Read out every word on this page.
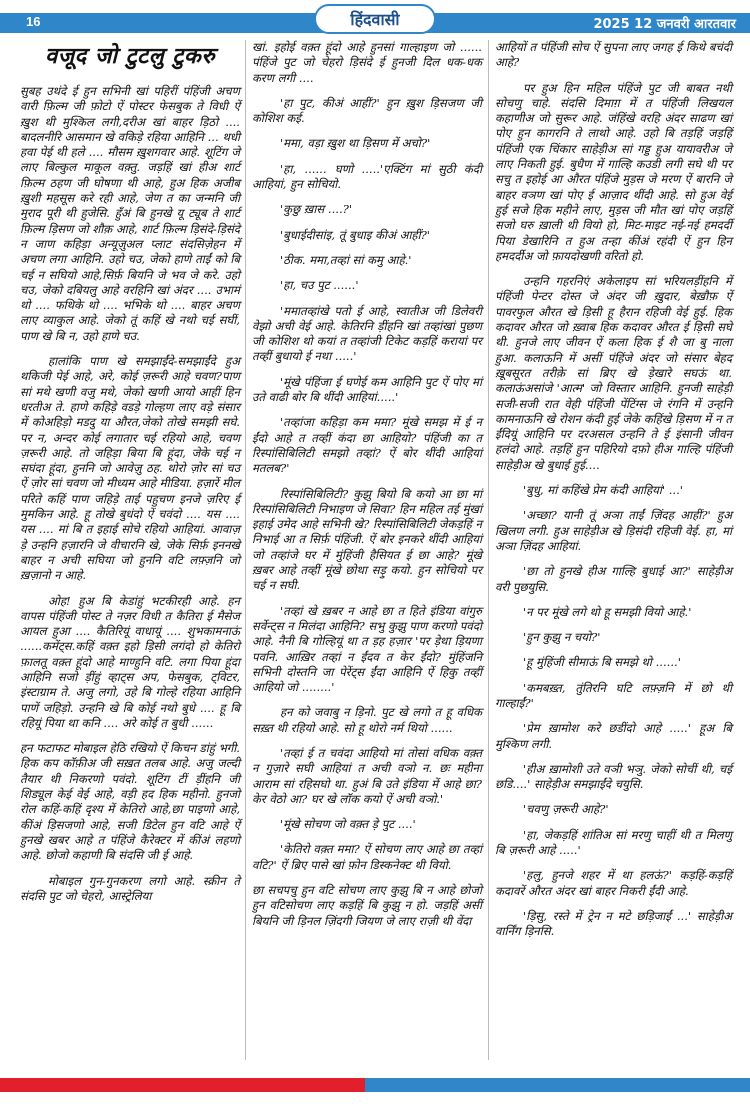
16	हिंदवासी	2025 12 जनवरी आरतवार
वजूद जो टुटलु टुकरु

सुबह उथंदे ई हुन सभिनी खां पहिरीं पंहिंजी अचण वारी फ़िल्म जी फ़ोटो ऐं पोस्टर फेसबुक ते विधी ऐं ख़ुश थी मुश्किल लगी,दरीअ खां बाहर ड़िठो .... बादलनीरि आसमान खे वकिड़े रहिया आहिनि ... थधी हवा पेई थी हले .... मौसम ख़ुशगवार आहे. शूटिंग जे लाए बिल्कुल माकूल वक़्तु. जड़हिं खां हीअ शार्ट फ़िल्म ठहण जी घोषणा थी आहे, हुअ हिक अजीब ख़ुशी महसूस करे रही आहे, जेण त का जन्मनि जी मुराद पूरी थी हुजेसि. हुँअं बि हुनखे यू ट्यूब ते शार्ट फ़िल्म ड़िसण जो शौक़ आहे, शार्ट फ़िल्म ड़िसंदे-ड़िसंदे न जाण कहिड़ा अन्यूज़ुअल प्लाट संदसिज़ेहन में अचण लगा आहिनि. उहो चउ, जेको हाणे ताईं को बि चई न सघियो आहे,सिर्फ़ बियनि जे भव जे करे. उहो चउ, जेको दबियलु आहे वरहिनि खां अंदर .... उभामं थो .... फथिके थो .... भभिके थो .... बाहर अचण लाए व्याकुल आहे. जेको तूं कहिं खे नथो चई सघीं, पाण खे बि न, उहो हाणे चउ.

हालांकि पाण खे समझाईंदे-समझाईंदे हुअ थकिजी पेई आहे, अरे, कोई ज़रूरी आहे चवण?पाण सां मथे खणी वजु मथे, जेको खणी आयो आहीं हिन धरतीअ ते. हाणे कहिड़े वडड़े गोल्हण लाए वड़े संसार में कोअहिड़ो मडदु या औरत,जेको तोखे समझी सघे. पर न, अन्दर कोई लगातार चई रहियो आहे, चवण ज़रूरी आहे. तो जहिड़ा बिया बि हूंदा, जेके चई न सघंदा हूंदा, हुननि जो आवेज़ु ठह. थोरो ज़ोर सां चउ ऐं ज़ोर सां चवण जो मीध्यम आहे मीडिया. हज़ारें मील परिते कहिं पाण जहिड़े ताई पहुचण इनजे ज़रिए ई मुमकिन आहे. हू तोखे बुधंदो ऐं चवंदो .... यस .... यस .... मां बि त इहाई सोचे रहियो आहियां. आवाज़ ड़े उन्हनि हज़ारनि जे वीचारनि खे, जेके सिर्फ़ इननखे बाहर न अची सघिया जो हुननि वटि लफ़्ज़नि जो ख़ज़ानो न आहे.

ओह! हुअ बि केडांहुं भटकीरही आहे. हन वापस पंहिंजी पोस्ट ते नज़र विधी त कैतिरा ई मैसेज आयल हुआ .... कैतिरियूं वाधायूं .... शुभकामनाऊं ......कमेंट्स.कहिं वक़्त इहो ड़िसी लगंदो हो केतिरो फ़ालतू वक़्त हूंदो आहे माण्हुनि वटि. लगा पिया हूंदा आहिनि सजो ड़ींहुं व्हाट्स अप, फेसबुक, ट्विटर, इंस्टाग्राम ते. अजु लगो, उहे बि गोल्हे रहिया आहिनि पाणें जहिड़ो. उन्हनि खे बि कोई नथो बुधे .... हू बि रहियूं पिया था कनि .... अरे कोई त बुधी ......

हन फटाफट मोबाइल हेठि रखियो ऐं किचन डांहुं भगी. हिक कप कॉफ़ीअ जी सख़त तलब आहे. अजु जल्दी तैयार थी निकरणो पवंदो. शूटिंग टीं ड़ींहनि जी शिड्यूल केई वेई आहे, वड़ी हद हिक महीनो. हुनजो रोल कहिं-कहिं दृश्य में केतिरो आहे,छा पाइणो आहे, कींअं ड़िसजणो आहे, सजी डिटेल हुन वटि आहे ऐं हुनखे खबर आहे त पंहिंजे कैरेक्टर में कींअं लहणो आहे. छोजो कहाणी बि संदसि जी ई आहे.

मोबाइल गुन-गुनकरण लगो आहे. स्क्रीन ते संदसि पुट जो चेहरो, आस्ट्रेलिया

खां. इहोई वक़्त हूंदो आहे हुनसां गाल्हाइण जो ...... पंहिंजे पुट जो चेहरो ड़िसंदे ई हुनजी दिल धक-धक करण लगी ....

'हा पुट, कीअं आहीं?' हुन ख़ुश ड़िसजण जी कोशिश कई.

'ममा, वड़ा ख़ुश था ड़िसण में अचो?'

'हा, ...... घणो .....'एक्टिंग मां सुठी कंदी आहियां, हुन सोचियो.

'कुछु ख़ास ....?'

'बुधाईदीसांइ, तूं बुधाइ कीअं आहीं?'

'ठीक. ममा,तव्हां सां कमु आहे.'

'हा, चउ पुट ......'

'ममातव्हांखे पतो ई आहे, स्वातीअ जी डिलेवरी वेझो अची वेई आहे. केतिरनि ड़ींहनि खां तव्हांखां पुछण जी कोशिश थो कयां त तव्हांजी टिकेट कड़हिं करायां पर तव्हीं बुधायो ई नथा .....'

'मूंखे पंहिंजा ई घणेई कम आहिनि पुट ऐं पोए मां उते वाढी बोर बि थींदी आहियां.....'

'तव्हांजा कहिड़ा कम ममा? मूंखे समझ में ई न ईंदो आहे त तव्हीं कंदा छा आहियो? पंहिंजी का त रिस्पांसिबिलिटी समझो तव्हां? ऐं बोर थींदी आहियां मतलब?'

रिस्पांसिबिलिटी? कुझु बियो बि कयो आ छा मां रिस्पांसिबिलिटी निभाइण जे सिवा? हिन महिल तई मुंखां इहाई उमेद आहे सभिनी खे? रिस्पांसिबिलिटी जेकड़हिं न निभाई आ त सिर्फ़ पंहिंजी. ऐं बोर इनकरे थींदी आहियां जो तव्हांजे घर में मुंहिंजी हैसियत ई छा आहे? मूंखे ख़बर आहे तव्हीं मूंखे छोथा सड़ु कयो. हुन सोचियो पर चई न सघी.

'तव्हां खे ख़बर न आहे छा त हिते इंडिया वांगुरु सर्वेन्ट्स न मिलंदा आहिनि? सभु कुझु पाण करणो पवंदो आहे. नैनी बि गोल्हियूं था त ड़ह हज़ार 'पर ड़ेथा ड़ियणा पवनि. आख़िर तव्हां न ईंदव त केर ईंदो? मुंहिंजनि सभिनी दोस्तनि जा पेरेंट्स ईंदा आहिनि ऐं हिकु तव्हीं आहियो जो ........'

हन को जवाबु न ड़िनो. पुट खे लगो त हू वधिक सख़्त थी रहियो आहे. सो हू थोरो नर्म थियो ......

'तव्हां ई त चवंदा आहियो मां तोसां वधिक वक़्त न गुज़ारे सघी आहियां त अची वञो न. छः महीना आराम सां रहिसघो था. हुअं बि उते इंडिया में आहे छा? केर वेठो आ? घर खे लॉक कयो ऐं अची वञो.'

'मूंखे सोचण जो वक़्त ड़े पुट ....'

'केतिरो वक़्त ममा? ऐं सोचण लाए आहे छा तव्हां वटि?' ऐं ब्रिए पासे खां फ़ोन डिस्कनेक्ट थी वियो.

छा सचपचु हुन वटि सोचण लाए कुझु बि न आहे छोजो हुन वटिसोचण लाए कड़हिं बि कुझु न हो. जड़हिं असीं बियनि जी ड़िनल ज़िंदगी जियण जे लाए राज़ी थी वेंदा

आहियों त पंहिंजी सोच ऐं सुपना लाए जगह ई किथे बचंदी आहे?

पर हुअ हिन महिल पंहिंजे पुट जी बाबत नथी सोचणु चाहे. संदसि दिमाग़ में त पंहिंजी लिखयल कहाणीअ जो सुरूर आहे. जंहिंखे वरहि अंदर साढण खां पोए हुन कागरनि ते लाथो आहे. उहो बि तड़हिं जड़हिं पंहिंजी एक चिंकार साहेड़ीअ सां गड्ड हुअ यायावरीअ जे लाए निकती हुई. बुधैण में गाल्हि कउडी लगी सघे थी पर सचु त इहोई आ औरत पंहिंजे मुड़स जे मरण ऐं बारनि जे बाहर वञण खां पोए ई आज़ाद थींदी आहे. सो हुअ वेई हुई सजे हिक महीने लाए, मुड़स जी मौत खां पोए जड़हिं सजो घरु ख़ाली थी वियो हो, मिट-माइट नई-नई हमदर्दी पिया डेखारिनि त हुअ तन्हा कींअं रहंदी ऐं हुन हिन हमदर्दीअ जो फ़ायदोखणी वरितो हो.

उन्हनि गहरनिएं अकेलाइप सां भरियलड़ींहनि में पंहिंजी पेन्टर दोस्त जे अंदर जी ख़ुदार, बेख़ौफ़ ऐं पावरफुल औरत खे ड़िसी हू हैरान रहिजी वेई हुई. हिक कदावर औरत जो ख़्वाब हिक कदावर औरत ई ड़िसी सघे थी. हुनजे लाए जीवन ऐं कला हिक ई शै जा बु नाला हुआ. कलाऊनि में असीं पंहिंजे अंदर जो संसार बेहद ख़ूबसूरत तरीक़े सां ब्रिए खे ड़ेखारे सघऊं था. कलाऊंअसांजे 'आत्म' जो विस्तार आहिनि. हुनजी साहेड़ी सजी-सजी रात वेही पंहिंजी पेंटिंग्स जे रंगनि में उन्हनि कामनाऊनि खे रोशन कंदी हुई जेके कहिंखे ड़िसण में न त ईंदियूं आहिनि पर दरअसल उन्हनि ते ई इंसानी जीवन हलंदो आहे. तड़हिं हुन पहिरियो दफ़ो हीअ गाल्हि पंहिंजी साहेड़ीअ खे बुधाई हुई....

'बुधु, मां कहिंखे प्रेम कंदी आहियां' ...'

'अच्छा? यानी तूं अञा ताईं ज़िंदह आहीं?' हुअ खिलण लगी. हुअ साहेड़ीअ खे ड़िसंदी रहिजी वेई. हा, मां अञा ज़िंदह आहियां.

'छा तो हुनखे हीअ गाल्हि बुधाई आ?' साहेड़ीअ वरी पुछयुसि.

'न पर मूंखे लगे थो हू समझी वियो आहे.'

'हुन कुझु न चयो?'

'हू मुंहिंजी सीमाऊं बि समझे थो ......'

'कमबख़्त, तुंतिरनि घटि लफ़्ज़नि में छो थी गाल्हाईं?'

'प्रेम ख़ामोश करे छडींदो आहे .....' हूअ बि मुश्किण लगी.

'हीअ ख़ामोशी उते वञी भञु. जेको सोचीं थी, चई छडि....' साहेड़ीअ समझाईंदे चयुसि.

'चवणु ज़रूरी आहे?'

'हा, जेकड़हिं शांतिअ सां मरणु चाहीं थी त मिलणु बि ज़रूरी आहे .....'

'हलु, हुनजे शहर में था हलऊं?' कड़हिं-कड़हिं कदावरें औरत अंदर खां बाहर निकरी ईंदी आहे.

'ड़िसु, रस्ते में ट्रेन न मटे छड़िजाईं ...' साहेड़ीअ वार्निंग ड़िनसि.
